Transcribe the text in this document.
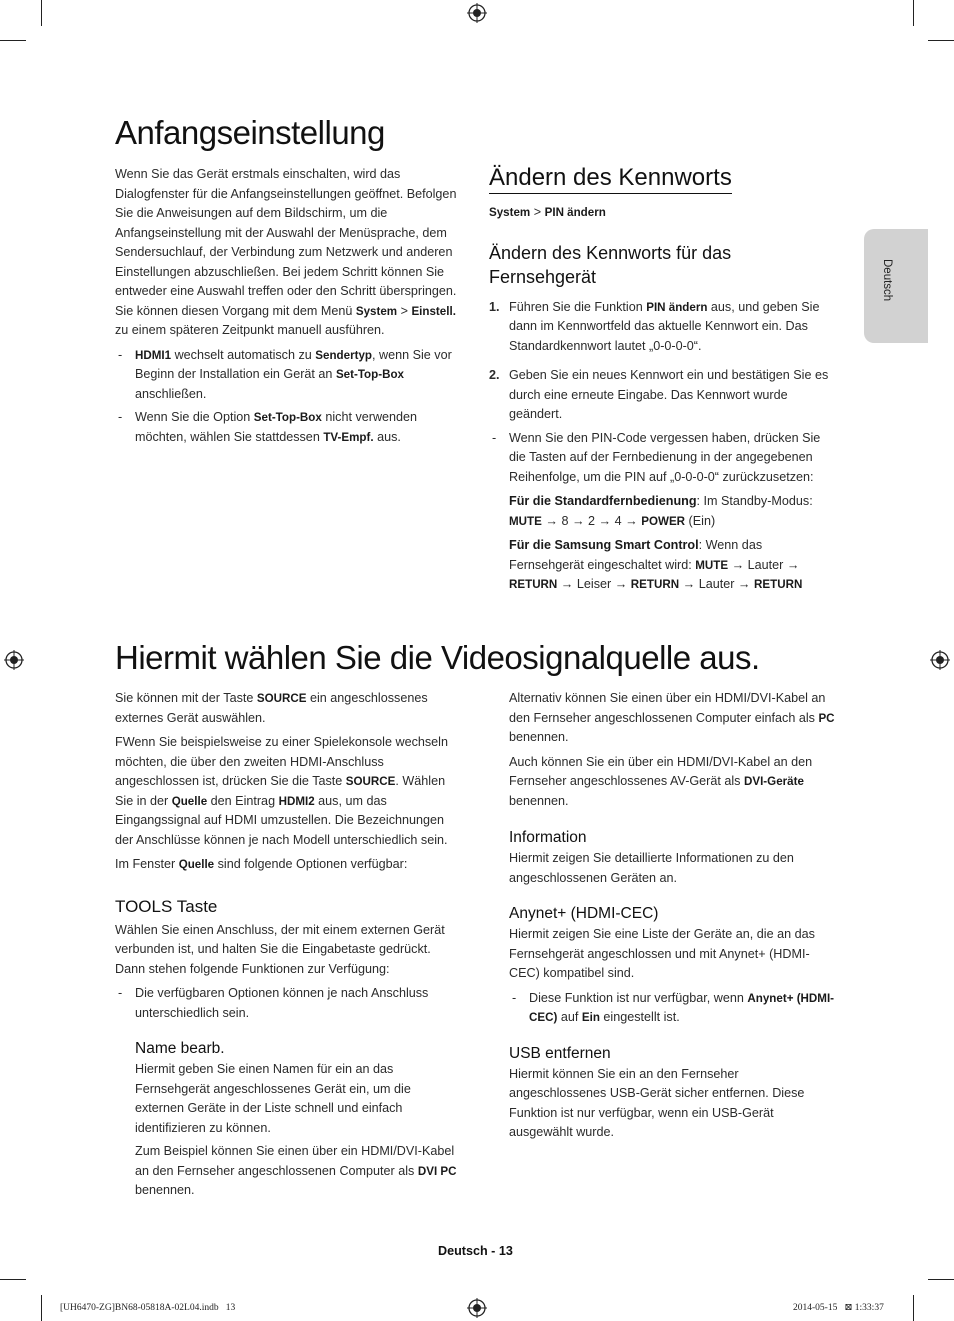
Deutsch
Anfangseinstellung

Wenn Sie das Gerät erstmals einschalten, wird das Dialogfenster für die Anfangseinstellungen geöffnet. Befolgen Sie die Anweisungen auf dem Bildschirm, um die Anfangseinstellung mit der Auswahl der Menüsprache, dem Sendersuchlauf, der Verbindung zum Netzwerk und anderen Einstellungen abzuschließen. Bei jedem Schritt können Sie entweder eine Auswahl treffen oder den Schritt überspringen. Sie können diesen Vorgang mit dem Menü System > Einstell. zu einem späteren Zeitpunkt manuell ausführen.

- HDMI1 wechselt automatisch zu Sendertyp, wenn Sie vor Beginn der Installation ein Gerät an Set-Top-Box anschließen.
- Wenn Sie die Option Set-Top-Box nicht verwenden möchten, wählen Sie stattdessen TV-Empf. aus.
Ändern des Kennworts

System > PIN ändern

Ändern des Kennworts für das Fernsehgerät
1. Führen Sie die Funktion PIN ändern aus, und geben Sie dann im Kennwortfeld das aktuelle Kennwort ein. Das Standardkennwort lautet „0-0-0-0“.
2. Geben Sie ein neues Kennwort ein und bestätigen Sie es durch eine erneute Eingabe. Das Kennwort wurde geändert.
- Wenn Sie den PIN-Code vergessen haben, drücken Sie die Tasten auf der Fernbedienung in der angegebenen Reihenfolge, um die PIN auf „0-0-0-0“ zurückzusetzen:

Für die Standardfernbedienung: Im Standby-Modus: MUTE → 8 → 2 → 4 → POWER (Ein)

Für die Samsung Smart Control: Wenn das Fernsehgerät eingeschaltet wird: MUTE → Lauter → RETURN → Leiser → RETURN → Lauter → RETURN

Hiermit wählen Sie die Videosignalquelle aus.

Sie können mit der Taste SOURCE ein angeschlossenes externes Gerät auswählen.

FWenn Sie beispielsweise zu einer Spielekonsole wechseln möchten, die über den zweiten HDMI-Anschluss angeschlossen ist, drücken Sie die Taste SOURCE. Wählen Sie in der Quelle den Eintrag HDMI2 aus, um das Eingangssignal auf HDMI umzustellen. Die Bezeichnungen der Anschlüsse können je nach Modell unterschiedlich sein.

Im Fenster Quelle sind folgende Optionen verfügbar:

TOOLS Taste

Wählen Sie einen Anschluss, der mit einem externen Gerät verbunden ist, und halten Sie die Eingabetaste gedrückt. Dann stehen folgende Funktionen zur Verfügung:

- Die verfügbaren Optionen können je nach Anschluss unterschiedlich sein.
Name bearb.

Hiermit geben Sie einen Namen für ein an das Fernsehgerät angeschlossenes Gerät ein, um die externen Geräte in der Liste schnell und einfach identifizieren zu können.

Zum Beispiel können Sie einen über ein HDMI/DVI-Kabel an den Fernseher angeschlossenen Computer als DVI PC benennen.

Alternativ können Sie einen über ein HDMI/DVI-Kabel an den Fernseher angeschlossenen Computer einfach als PC benennen.

Auch können Sie ein über ein HDMI/DVI-Kabel an den Fernseher angeschlossenes AV-Gerät als DVI-Geräte benennen.

Information

Hiermit zeigen Sie detaillierte Informationen zu den angeschlossenen Geräten an.

Anynet+ (HDMI-CEC)

Hiermit zeigen Sie eine Liste der Geräte an, die an das Fernsehgerät angeschlossen und mit Anynet+ (HDMI-CEC) kompatibel sind.

- Diese Funktion ist nur verfügbar, wenn Anynet+ (HDMI-CEC) auf Ein eingestellt ist.
USB entfernen

Hiermit können Sie ein an den Fernseher angeschlossenes USB-Gerät sicher entfernen. Diese Funktion ist nur verfügbar, wenn ein USB-Gerät ausgewählt wurde.

Deutsch - 13
[UH6470-ZG]BN68-05818A-02L04.indb   13	2014-05-15   ⊠ 1:33:37
